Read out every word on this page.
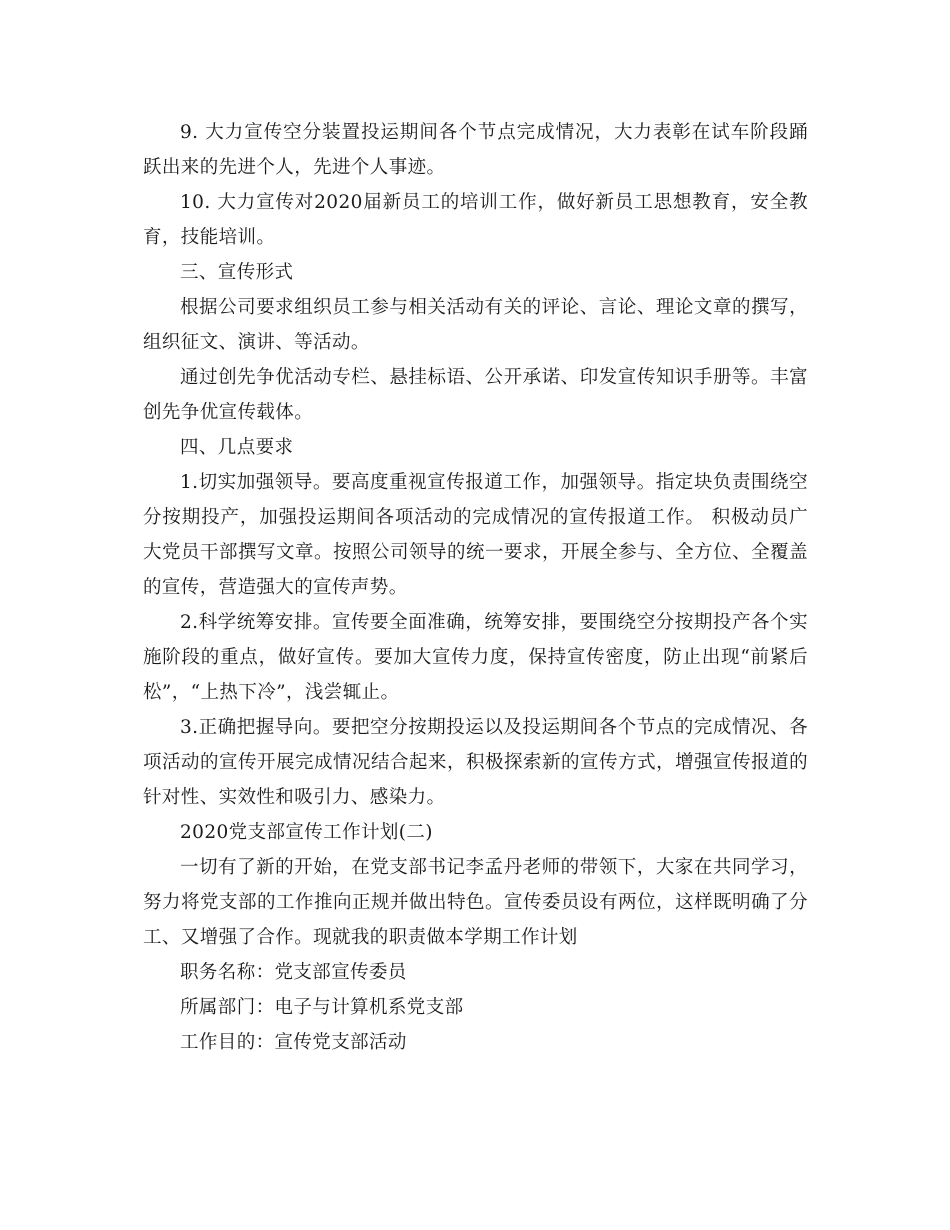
9. 大力宣传空分装置投运期间各个节点完成情况，大力表彰在试车阶段踊跃出来的先进个人，先进个人事迹。

10. 大力宣传对2020届新员工的培训工作，做好新员工思想教育，安全教育，技能培训。

三、宣传形式

根据公司要求组织员工参与相关活动有关的评论、言论、理论文章的撰写，组织征文、演讲、等活动。

通过创先争优活动专栏、悬挂标语、公开承诺、印发宣传知识手册等。丰富创先争优宣传载体。

四、几点要求

1.切实加强领导。要高度重视宣传报道工作，加强领导。指定块负责围绕空分按期投产，加强投运期间各项活动的完成情况的宣传报道工作。 积极动员广大党员干部撰写文章。按照公司领导的统一要求，开展全参与、全方位、全覆盖的宣传，营造强大的宣传声势。

2.科学统筹安排。宣传要全面准确，统筹安排，要围绕空分按期投产各个实施阶段的重点，做好宣传。要加大宣传力度，保持宣传密度，防止出现“前紧后松”，“上热下冷”，浅尝辄止。

3.正确把握导向。要把空分按期投运以及投运期间各个节点的完成情况、各项活动的宣传开展完成情况结合起来，积极探索新的宣传方式，增强宣传报道的针对性、实效性和吸引力、感染力。

2020党支部宣传工作计划(二)

一切有了新的开始，在党支部书记李孟丹老师的带领下，大家在共同学习，努力将党支部的工作推向正规并做出特色。宣传委员设有两位，这样既明确了分工、又增强了合作。现就我的职责做本学期工作计划

职务名称：党支部宣传委员

所属部门：电子与计算机系党支部

工作目的：宣传党支部活动
